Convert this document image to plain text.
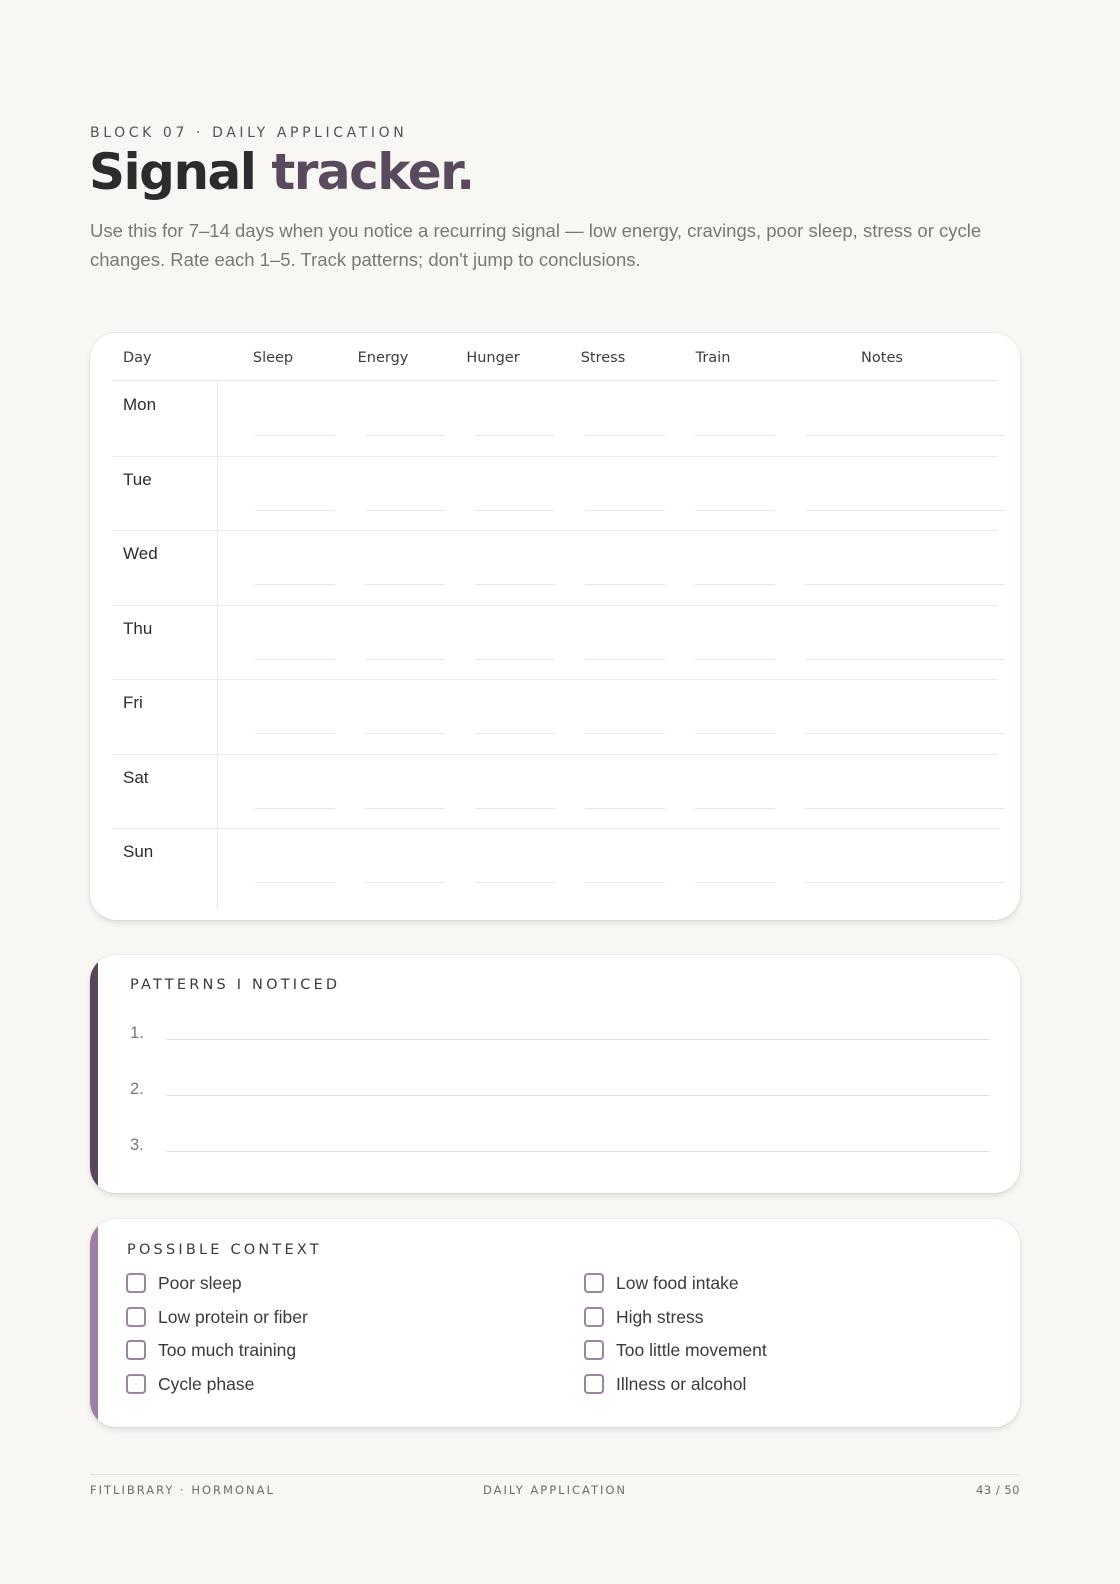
BLOCK 07 · DAILY APPLICATION
Signal tracker.

Use this for 7–14 days when you notice a recurring signal — low energy, cravings, poor sleep, stress or cycle changes. Rate each 1–5. Track patterns; don't jump to conclusions.

Day	Sleep	Energy	Hunger	Stress	Train	Notes
Mon
Tue
Wed
Thu
Fri
Sat
Sun
PATTERNS I NOTICED
1.
2.
3.
POSSIBLE CONTEXT
Poor sleep	Low food intake
Low protein or fiber	High stress
Too much training	Too little movement
Cycle phase	Illness or alcohol
FITLIBRARY · HORMONAL	DAILY APPLICATION	43 / 50
